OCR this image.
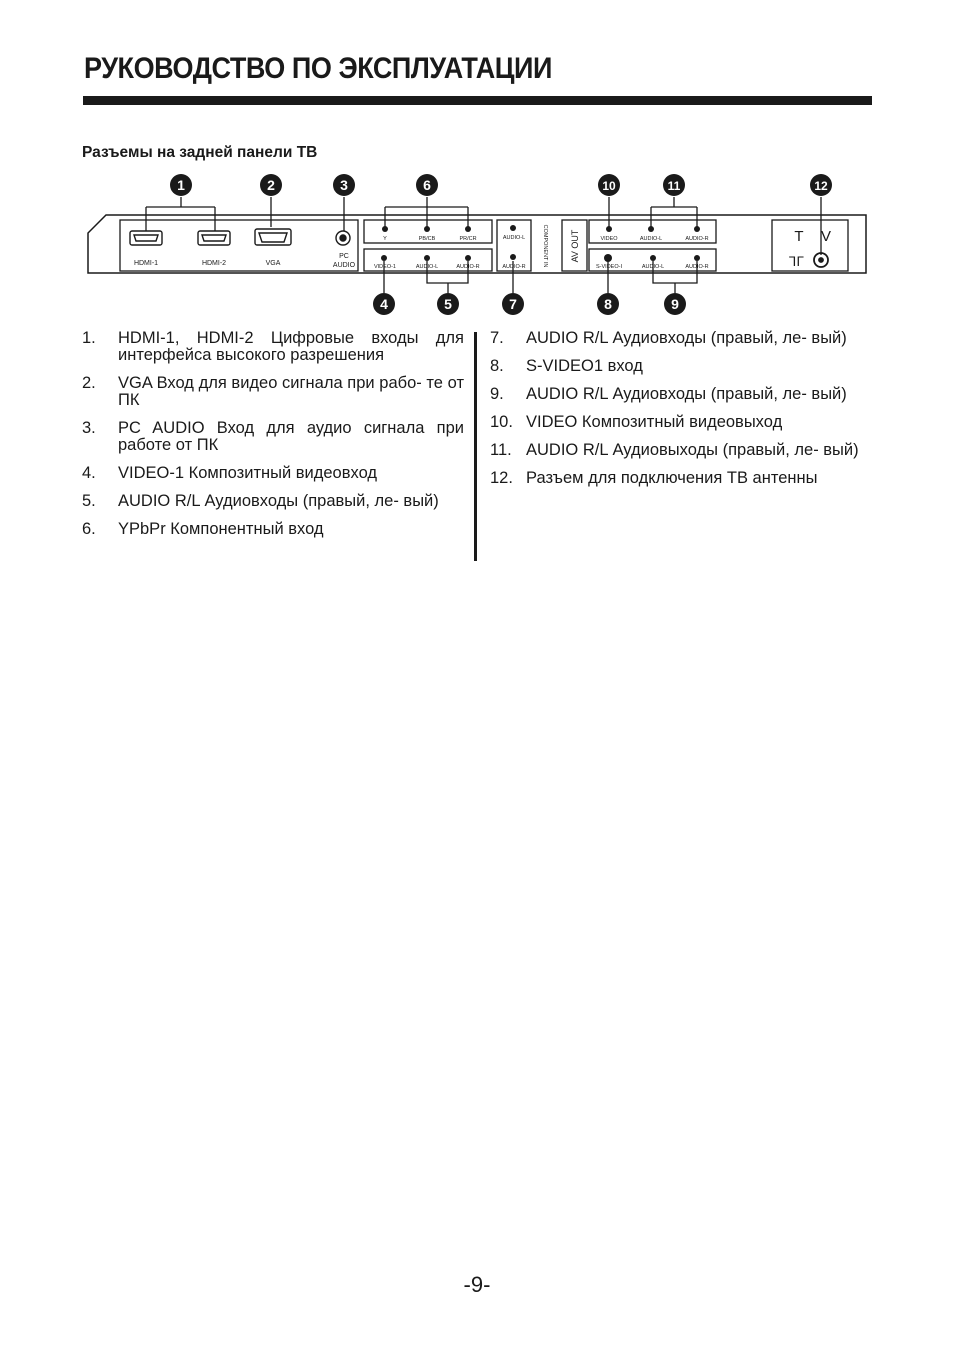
РУКОВОДСТВО ПО ЭКСПЛУАТАЦИИ
Разъемы на задней панели ТВ
HDMI-1	HDMI-2	VGA
PC
AUDIO
Y	PB/CB	PR/CR
VIDEO-1	AUDIO-L	AUDIO-R
AUDIO-L
AUDIO-R	COMPONENT IN AV OUT	VIDEO	AUDIO-L	AUDIO-R
S-VIDEO-I	AUDIO-L	AUDIO-R
T V
ᒣᒥ
1	2	3	6	10	11	12
4	5	7	8	9
1.	HDMI-1, HDMI-2 Цифровые входы для интерфейса высокого разрешения
2.	VGA Вход для видео сигнала при рабо- те от ПК
3.	PC AUDIO Вход для аудио сигнала при работе от ПК
4.	VIDEO-1 Композитный видеовход
5.	AUDIO R/L Аудиовходы (правый, ле- вый)
6.	YPbPr Компонентный вход
7.	AUDIO R/L Аудиовходы (правый, ле- вый)
8.	S-VIDEO1 вход
9.	AUDIO R/L Аудиовходы (правый, ле- вый)
10. VIDEO Композитный видеовыход
11. AUDIO R/L Аудиовыходы (правый, ле- вый)
12. Разъем для подключения ТВ антенны
-9-
